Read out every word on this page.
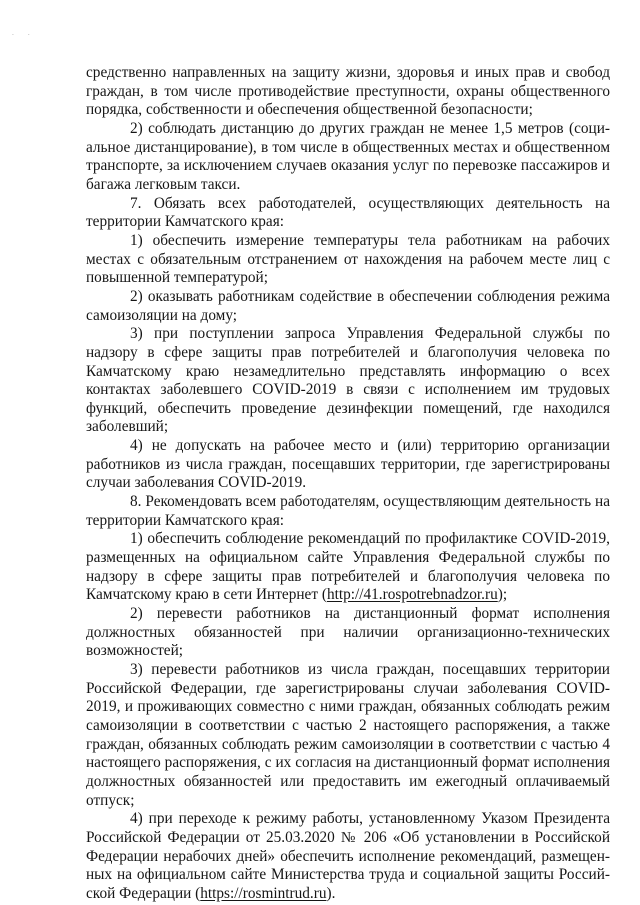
· ·

средственно направленных на защиту жизни, здоровья и иных прав и свобод граждан, в том числе противодействие преступности, охраны общественного порядка, собственности и обеспечения общественной безопасности;

2) соблюдать дистанцию до других граждан не менее 1,5 метров (социальное дистанцирование), в том числе в общественных местах и общественном транспорте, за исключением случаев оказания услуг по перевозке пассажиров и багажа легковым такси.

7. Обязать всех работодателей, осуществляющих деятельность на территории Камчатского края:

1) обеспечить измерение температуры тела работникам на рабочих местах с обязательным отстранением от нахождения на рабочем месте лиц с повышенной температурой;

2) оказывать работникам содействие в обеспечении соблюдения режима самоизоляции на дому;

3) при поступлении запроса Управления Федеральной службы по надзору в сфере защиты прав потребителей и благополучия человека по Камчатскому краю незамедлительно представлять информацию о всех контактах заболевшего COVID-2019 в связи с исполнением им трудовых функций, обеспечить проведение дезинфекции помещений, где находился заболевший;

4) не допускать на рабочее место и (или) территорию организации работников из числа граждан, посещавших территории, где зарегистрированы случаи заболевания COVID-2019.

8. Рекомендовать всем работодателям, осуществляющим деятельность на территории Камчатского края:

1) обеспечить соблюдение рекомендаций по профилактике COVID-2019, размещенных на официальном сайте Управления Федеральной службы по надзору в сфере защиты прав потребителей и благополучия человека по Камчатскому краю в сети Интернет (http://41.rospotrebnadzor.ru);

2) перевести работников на дистанционный формат исполнения должностных обязанностей при наличии организационно-технических возможностей;

3) перевести работников из числа граждан, посещавших территории Российской Федерации, где зарегистрированы случаи заболевания COVID-2019, и проживающих совместно с ними граждан, обязанных соблюдать режим самоизоляции в соответствии с частью 2 настоящего распоряжения, а также граждан, обязанных соблюдать режим самоизоляции в соответствии с частью 4 настоящего распоряжения, с их согласия на дистанционный формат исполнения должностных обязанностей или предоставить им ежегодный оплачиваемый отпуск;

4) при переходе к режиму работы, установленному Указом Президента Российской Федерации от 25.03.2020 № 206 «Об установлении в Российской Федерации нерабочих дней» обеспечить исполнение рекомендаций, размещенных на официальном сайте Министерства труда и социальной защиты Российской Федерации (https://rosmintrud.ru).
